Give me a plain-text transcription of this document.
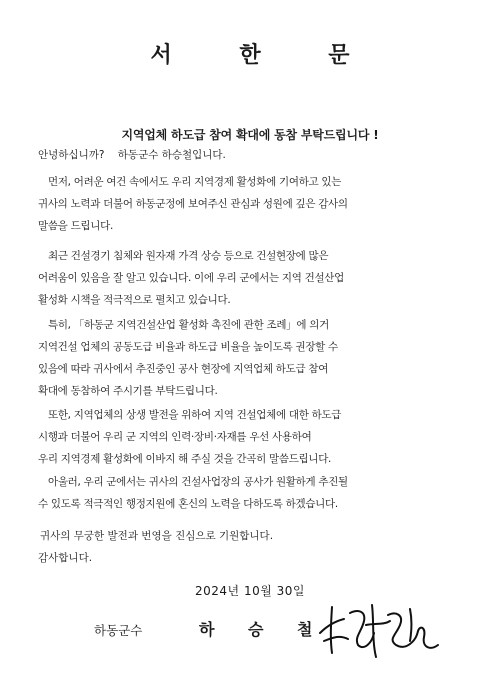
서 한 문
지역업체 하도급 참여 확대에 동참 부탁드립니다 !
안녕하십니까?    하동군수 하승철입니다.
먼저, 어려운 여건 속에서도 우리 지역경제 활성화에 기여하고 있는
귀사의 노력과 더불어 하동군정에 보여주신 관심과 성원에 깊은 감사의
말씀을 드립니다.
최근 건설경기 침체와 원자재 가격 상승 등으로 건설현장에 많은
어려움이 있음을 잘 알고 있습니다. 이에 우리 군에서는 지역 건설산업
활성화 시책을 적극적으로 펼치고 있습니다.
특히, 「하동군 지역건설산업 활성화 촉진에 관한 조례」에 의거
지역건설 업체의 공동도급 비율과 하도급 비율을 높이도록 권장할 수
있음에 따라 귀사에서 추진중인 공사 현장에 지역업체 하도급 참여
확대에 동참하여 주시기를 부탁드립니다.
또한, 지역업체의 상생 발전을 위하여 지역 건설업체에 대한 하도급
시행과 더불어 우리 군 지역의 인력·장비·자재를 우선 사용하여
우리 지역경제 활성화에 이바지 해 주실 것을 간곡히 말씀드립니다.
아울러, 우리 군에서는 귀사의 건설사업장의 공사가 원활하게 추진될
수 있도록 적극적인 행정지원에 혼신의 노력을 다하도록 하겠습니다.
귀사의 무궁한 발전과 번영을 진심으로 기원합니다.
감사합니다.
2024년 10월 30일
하동군수	하 승 철
